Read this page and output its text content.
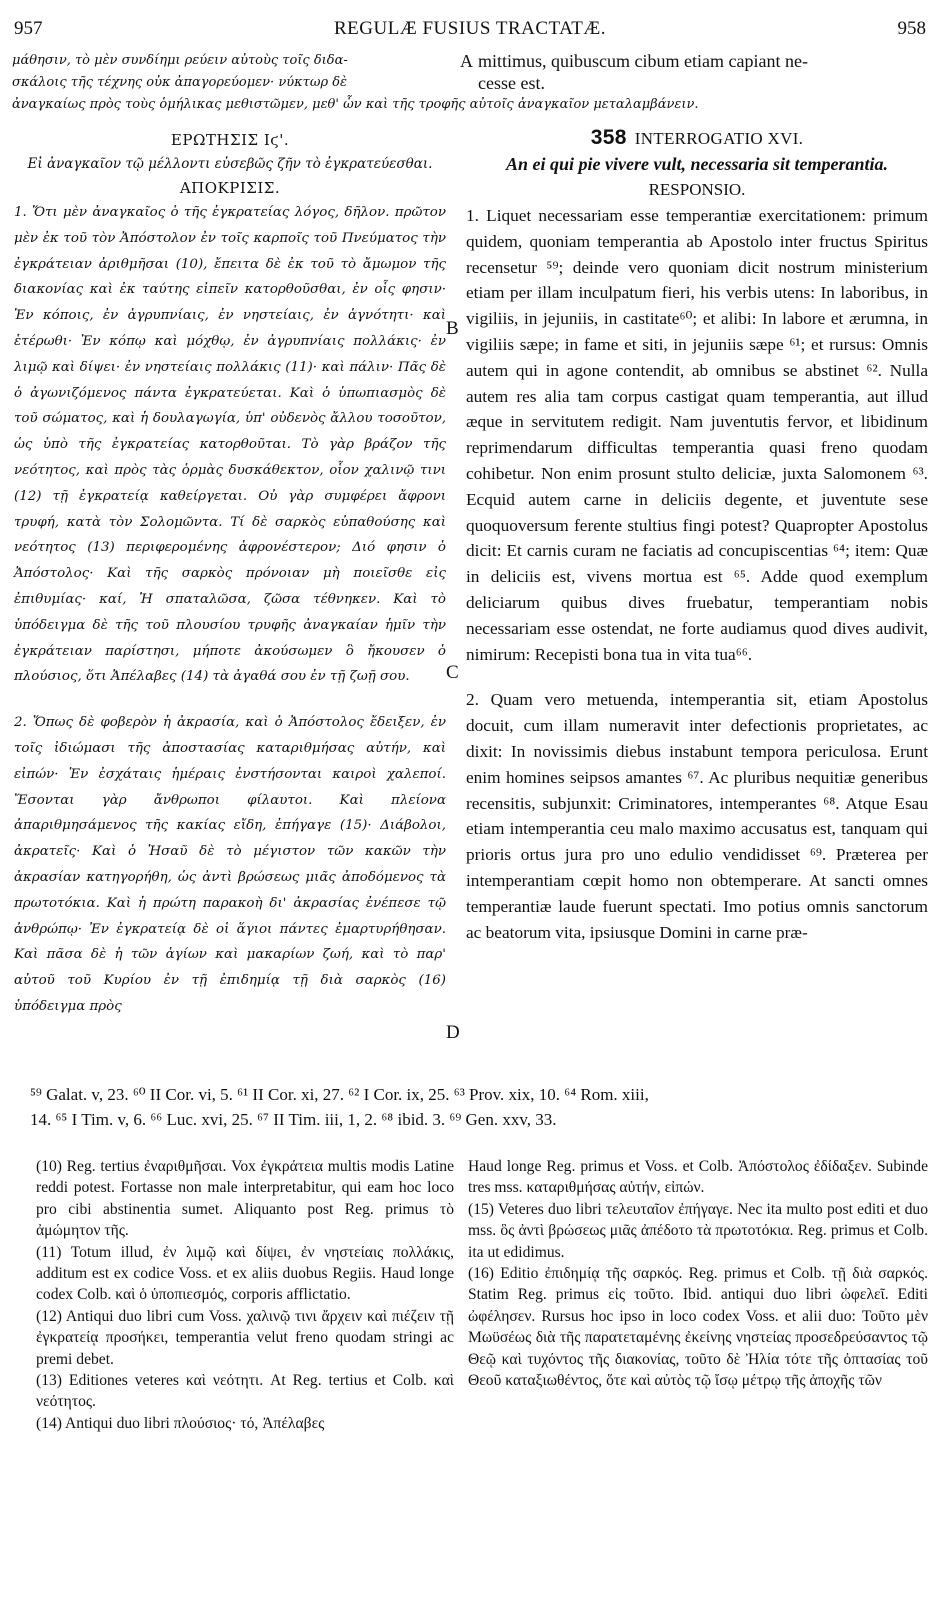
957	REGULÆ FUSIUS TRACTATÆ.	958
μάθησιν, τὸ μὲν συνδίημι ρεύειν αὐτοὺς τοῖς διδα-
σκάλοις τῆς τέχνης οὐκ ἀπαγορεύομεν· νύκτωρ δὲ
ἀναγκαίως πρὸς τοὺς ὁμήλικας μεθιστῶμεν, μεθ' ὧν καὶ τῆς τροφῆς αὐτοῖς ἀναγκαῖον μεταλαμβάνειν.
A mittimus, quibuscum cibum etiam capiant ne-
cesse est.
ΕΡΩΤΗΣΙΣ Ιϛ'.
Εἰ ἀναγκαῖον τῷ μέλλοντι εὐσεβῶς ζῆν τὸ ἐγκρατεύεσθαι.
ΑΠΟΚΡΙΣΙΣ.

1. Ὅτι μὲν ἀναγκαῖος ὁ τῆς ἐγκρατείας λόγος, δῆλον. πρῶτον μὲν ἐκ τοῦ τὸν Ἀπόστολον ἐν τοῖς καρποῖς τοῦ Πνεύματος τὴν ἐγκράτειαν ἀριθμῆσαι (10), ἔπειτα δὲ ἐκ τοῦ τὸ ἄμωμον τῆς διακονίας καὶ ἐκ ταύτης εἰπεῖν κατορθοῦσθαι, ἐν οἷς φησιν· Ἐν κόποις, ἐν ἀγρυπνίαις, ἐν νηστείαις, ἐν ἁγνότητι· καὶ ἑτέρωθι· Ἐν κόπῳ καὶ μόχθῳ, ἐν ἀγρυπνίαις πολλάκις· ἐν λιμῷ καὶ δίψει· ἐν νηστείαις πολλάκις (11)· καὶ πάλιν· Πᾶς δὲ ὁ ἀγωνιζόμενος πάντα ἐγκρατεύεται. Καὶ ὁ ὑπωπιασμὸς δὲ τοῦ σώματος, καὶ ἡ δουλαγωγία, ὑπ' οὐδενὸς ἄλλου τοσοῦτον, ὡς ὑπὸ τῆς ἐγκρατείας κατορθοῦται. Τὸ γὰρ βράζον τῆς νεότητος, καὶ πρὸς τὰς ὁρμὰς δυσκάθεκτον, οἷον χαλινῷ τινι (12) τῇ ἐγκρατείᾳ καθείργεται. Οὐ γὰρ συμφέρει ἄφρονι τρυφή, κατὰ τὸν Σολομῶντα. Τί δὲ σαρκὸς εὐπαθούσης καὶ νεότητος (13) περιφερομένης ἀφρονέστερον; Διό φησιν ὁ Ἀπόστολος· Καὶ τῆς σαρκὸς πρόνοιαν μὴ ποιεῖσθε εἰς ἐπιθυμίας· καί, Ἡ σπαταλῶσα, ζῶσα τέθνηκεν. Καὶ τὸ ὑπόδειγμα δὲ τῆς τοῦ πλουσίου τρυφῆς ἀναγκαίαν ἡμῖν τὴν ἐγκράτειαν παρίστησι, μήποτε ἀκούσωμεν ὃ ἤκουσεν ὁ πλούσιος, ὅτι Ἀπέλαβες (14) τὰ ἀγαθά σου ἐν τῇ ζωῇ σου.

2. Ὅπως δὲ φοβερὸν ἡ ἀκρασία, καὶ ὁ Ἀπόστολος ἔδειξεν, ἐν τοῖς ἰδιώμασι τῆς ἀποστασίας καταριθμήσας αὐτήν, καὶ εἰπών· Ἐν ἐσχάταις ἡμέραις ἐνστήσονται καιροὶ χαλεποί. Ἔσονται γὰρ ἄνθρωποι φίλαυτοι. Καὶ πλείονα ἀπαριθμησάμενος τῆς κακίας εἴδη, ἐπήγαγε (15)· Διάβολοι, ἀκρατεῖς· Καὶ ὁ Ἠσαῦ δὲ τὸ μέγιστον τῶν κακῶν τὴν ἀκρασίαν κατηγορήθη, ὡς ἀντὶ βρώσεως μιᾶς ἀποδόμενος τὰ πρωτοτόκια. Καὶ ἡ πρώτη παρακοὴ δι' ἀκρασίας ἐνέπεσε τῷ ἀνθρώπῳ· Ἐν ἐγκρατείᾳ δὲ οἱ ἅγιοι πάντες ἐμαρτυρήθησαν. Καὶ πᾶσα δὲ ἡ τῶν ἁγίων καὶ μακαρίων ζωή, καὶ τὸ παρ' αὐτοῦ τοῦ Κυρίου ἐν τῇ ἐπιδημίᾳ τῇ διὰ σαρκὸς (16) ὑπόδειγμα πρὸς

B
C
D
358 INTERROGATIO XVI.
An ei qui pie vivere vult, necessaria sit temperantia.
RESPONSIO.

1. Liquet necessariam esse temperantiæ exercitationem: primum quidem, quoniam temperantia ab Apostolo inter fructus Spiritus recensetur ⁵⁹; deinde vero quoniam dicit nostrum ministerium etiam per illam inculpatum fieri, his verbis utens: In laboribus, in vigiliis, in jejuniis, in castitate⁶⁰; et alibi: In labore et ærumna, in vigiliis sæpe; in fame et siti, in jejuniis sæpe ⁶¹; et rursus: Omnis autem qui in agone contendit, ab omnibus se abstinet ⁶². Nulla autem res alia tam corpus castigat quam temperantia, aut illud æque in servitutem redigit. Nam juventutis fervor, et libidinum reprimendarum difficultas temperantia quasi freno quodam cohibetur. Non enim prosunt stulto deliciæ, juxta Salomonem ⁶³. Ecquid autem carne in deliciis degente, et juventute sese quoquoversum ferente stultius fingi potest? Quapropter Apostolus dicit: Et carnis curam ne faciatis ad concupiscentias ⁶⁴; item: Quæ in deliciis est, vivens mortua est ⁶⁵. Adde quod exemplum deliciarum quibus dives fruebatur, temperantiam nobis necessariam esse ostendat, ne forte audiamus quod dives audivit, nimirum: Recepisti bona tua in vita tua⁶⁶.

2. Quam vero metuenda, intemperantia sit, etiam Apostolus docuit, cum illam numeravit inter defectionis proprietates, ac dixit: In novissimis diebus instabunt tempora periculosa. Erunt enim homines seipsos amantes ⁶⁷. Ac pluribus nequitiæ generibus recensitis, subjunxit: Criminatores, intemperantes ⁶⁸. Atque Esau etiam intemperantia ceu malo maximo accusatus est, tanquam qui prioris ortus jura pro uno edulio vendidisset ⁶⁹. Præterea per intemperantiam cœpit homo non obtemperare. At sancti omnes temperantiæ laude fuerunt spectati. Imo potius omnis sanctorum ac beatorum vita, ipsiusque Domini in carne præ-

⁵⁹ Galat. v, 23. ⁶⁰ II Cor. vi, 5. ⁶¹ II Cor. xi, 27. ⁶² I Cor. ix, 25. ⁶³ Prov. xix, 10. ⁶⁴ Rom. xiii,
14. ⁶⁵ I Tim. v, 6. ⁶⁶ Luc. xvi, 25. ⁶⁷ II Tim. iii, 1, 2. ⁶⁸ ibid. 3. ⁶⁹ Gen. xxv, 33.

(10) Reg. tertius ἐναριθμῆσαι. Vox ἐγκράτεια multis modis Latine reddi potest. Fortasse non male interpretabitur, qui eam hoc loco pro cibi abstinentia sumet. Aliquanto post Reg. primus τὸ ἀμώμητον τῆς.

(11) Totum illud, ἐν λιμῷ καὶ δίψει, ἐν νηστείαις πολλάκις, additum est ex codice Voss. et ex aliis duobus Regiis. Haud longe codex Colb. καὶ ὁ ὑποπιεσμός, corporis afflictatio.

(12) Antiqui duo libri cum Voss. χαλινῷ τινι ἄρχειν καὶ πιέζειν τῇ ἐγκρατείᾳ προσήκει, temperantia velut freno quodam stringi ac premi debet.

(13) Editiones veteres καὶ νεότητι. At Reg. tertius et Colb. καὶ νεότητος.

(14) Antiqui duo libri πλούσιος· τό, Ἀπέλαβες

Haud longe Reg. primus et Voss. et Colb. Ἀπόστολος ἐδίδαξεν. Subinde tres mss. καταριθμήσας αὐτήν, εἰπών.

(15) Veteres duo libri τελευταῖον ἐπήγαγε. Nec ita multo post editi et duo mss. ὃς ἀντὶ βρώσεως μιᾶς ἀπέδοτο τὰ πρωτοτόκια. Reg. primus et Colb. ita ut edidimus.

(16) Editio ἐπιδημίᾳ τῆς σαρκός. Reg. primus et Colb. τῇ διὰ σαρκός. Statim Reg. primus εἰς τοῦτο. Ibid. antiqui duo libri ὠφελεῖ. Editi ὠφέλησεν. Rursus hoc ipso in loco codex Voss. et alii duo: Τοῦτο μὲν Μωϋσέως διὰ τῆς παρατεταμένης ἐκείνης νηστείας προσεδρεύσαντος τῷ Θεῷ καὶ τυχόντος τῆς διακονίας, τοῦτο δὲ Ἠλία τότε τῆς ὀπτασίας τοῦ Θεοῦ καταξιωθέντος, ὅτε καὶ αὐτὸς τῷ ἴσῳ μέτρῳ τῆς ἀποχῆς τῶν
